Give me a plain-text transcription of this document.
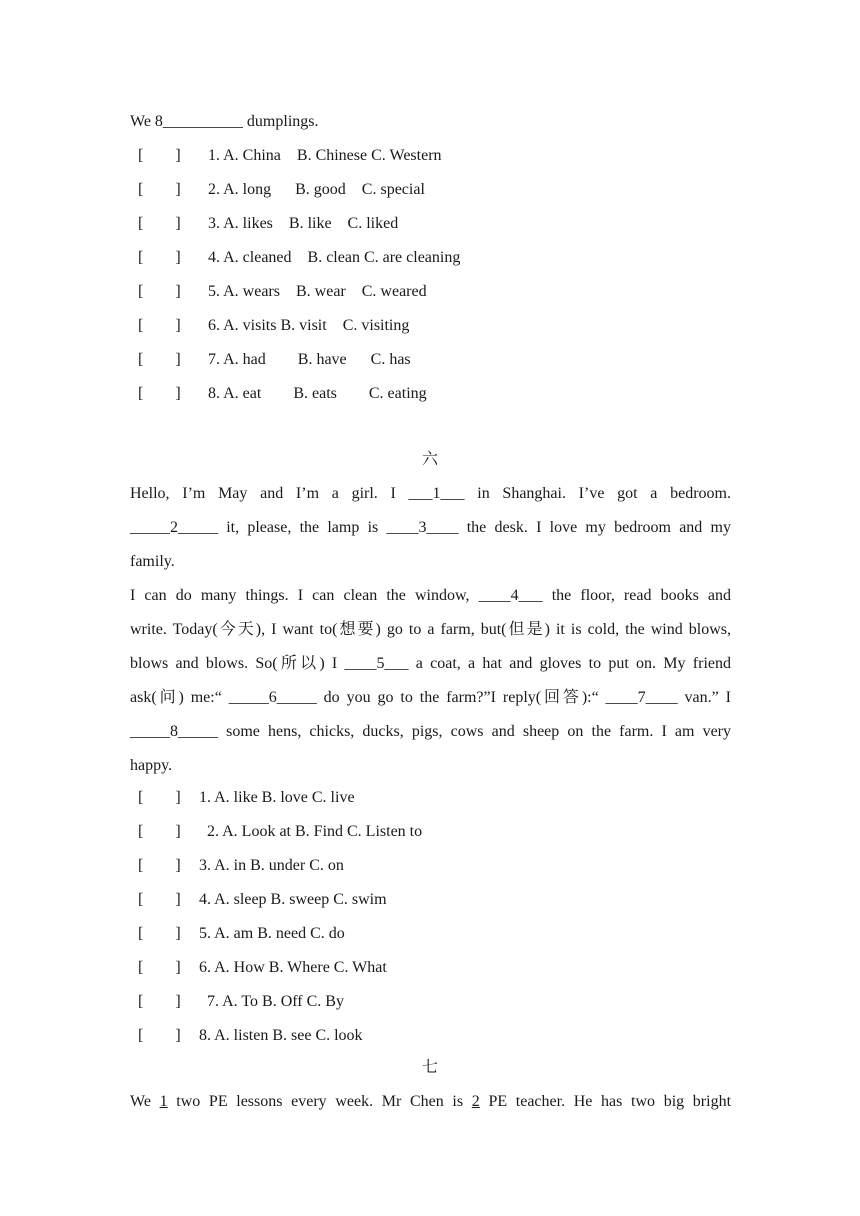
We 8__________ dumplings.
[        ] 1. A. China    B. Chinese C. Western
[        ] 2. A. long      B. good    C. special
[        ] 3. A. likes    B. like    C. liked
[        ] 4. A. cleaned    B. clean C. are cleaning
[        ] 5. A. wears    B. wear    C. weared
[        ] 6. A. visits B. visit    C. visiting
[        ] 7. A. had        B. have      C. has
[        ] 8. A. eat        B. eats        C. eating
六
Hello, I’m May and I’m a girl. I ___1___ in Shanghai. I’ve got a bedroom.
_____2_____ it, please, the lamp is ____3____ the desk. I love my bedroom and my
family.
I can do many things. I can clean the window, ____4___ the floor, read books and
write. Today(今天), I want to(想要) go to a farm, but(但是) it is cold, the wind blows,
blows and blows. So(所以) I ____5___ a coat, a hat and gloves to put on. My friend
ask(问) me:“ _____6_____ do you go to the farm?”I reply(回答):“ ____7____ van.” I
_____8_____ some hens, chicks, ducks, pigs, cows and sheep on the farm. I am very
happy.
[        ] 1. A. like B. love C. live
[        ] 2. A. Look at B. Find C. Listen to
[        ] 3. A. in B. under C. on
[        ] 4. A. sleep B. sweep C. swim
[        ] 5. A. am B. need C. do
[        ] 6. A. How B. Where C. What
[        ] 7. A. To B. Off C. By
[        ] 8. A. listen B. see C. look
七
We 1 two PE lessons every week. Mr Chen is 2 PE teacher. He has two big bright
